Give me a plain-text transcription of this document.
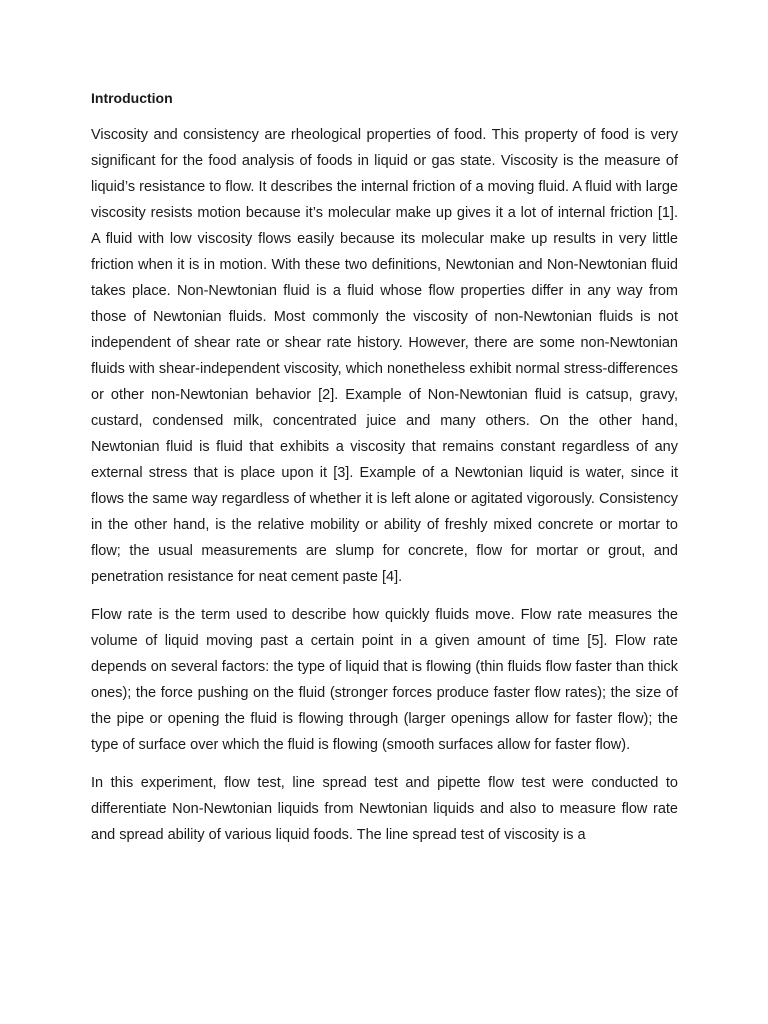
Introduction

Viscosity and consistency are rheological properties of food. This property of food is very significant for the food analysis of foods in liquid or gas state. Viscosity is the measure of liquid’s resistance to flow. It describes the internal friction of a moving fluid. A fluid with large viscosity resists motion because it’s molecular make up gives it a lot of internal friction [1]. A fluid with low viscosity flows easily because its molecular make up results in very little friction when it is in motion. With these two definitions, Newtonian and Non-Newtonian fluid takes place. Non-Newtonian fluid is a fluid whose flow properties differ in any way from those of Newtonian fluids. Most commonly the viscosity of non-Newtonian fluids is not independent of shear rate or shear rate history. However, there are some non-Newtonian fluids with shear-independent viscosity, which nonetheless exhibit normal stress-differences or other non-Newtonian behavior [2]. Example of Non-Newtonian fluid is catsup, gravy, custard, condensed milk, concentrated juice and many others. On the other hand, Newtonian fluid is fluid that exhibits a viscosity that remains constant regardless of any external stress that is place upon it [3]. Example of a Newtonian liquid is water, since it flows the same way regardless of whether it is left alone or agitated vigorously. Consistency in the other hand, is the relative mobility or ability of freshly mixed concrete or mortar to flow; the usual measurements are slump for concrete, flow for mortar or grout, and penetration resistance for neat cement paste [4].

Flow rate is the term used to describe how quickly fluids move. Flow rate measures the volume of liquid moving past a certain point in a given amount of time [5]. Flow rate depends on several factors: the type of liquid that is flowing (thin fluids flow faster than thick ones); the force pushing on the fluid (stronger forces produce faster flow rates); the size of the pipe or opening the fluid is flowing through (larger openings allow for faster flow); the type of surface over which the fluid is flowing (smooth surfaces allow for faster flow).

In this experiment, flow test, line spread test and pipette flow test were conducted to differentiate Non-Newtonian liquids from Newtonian liquids and also to measure flow rate and spread ability of various liquid foods. The line spread test of viscosity is a
